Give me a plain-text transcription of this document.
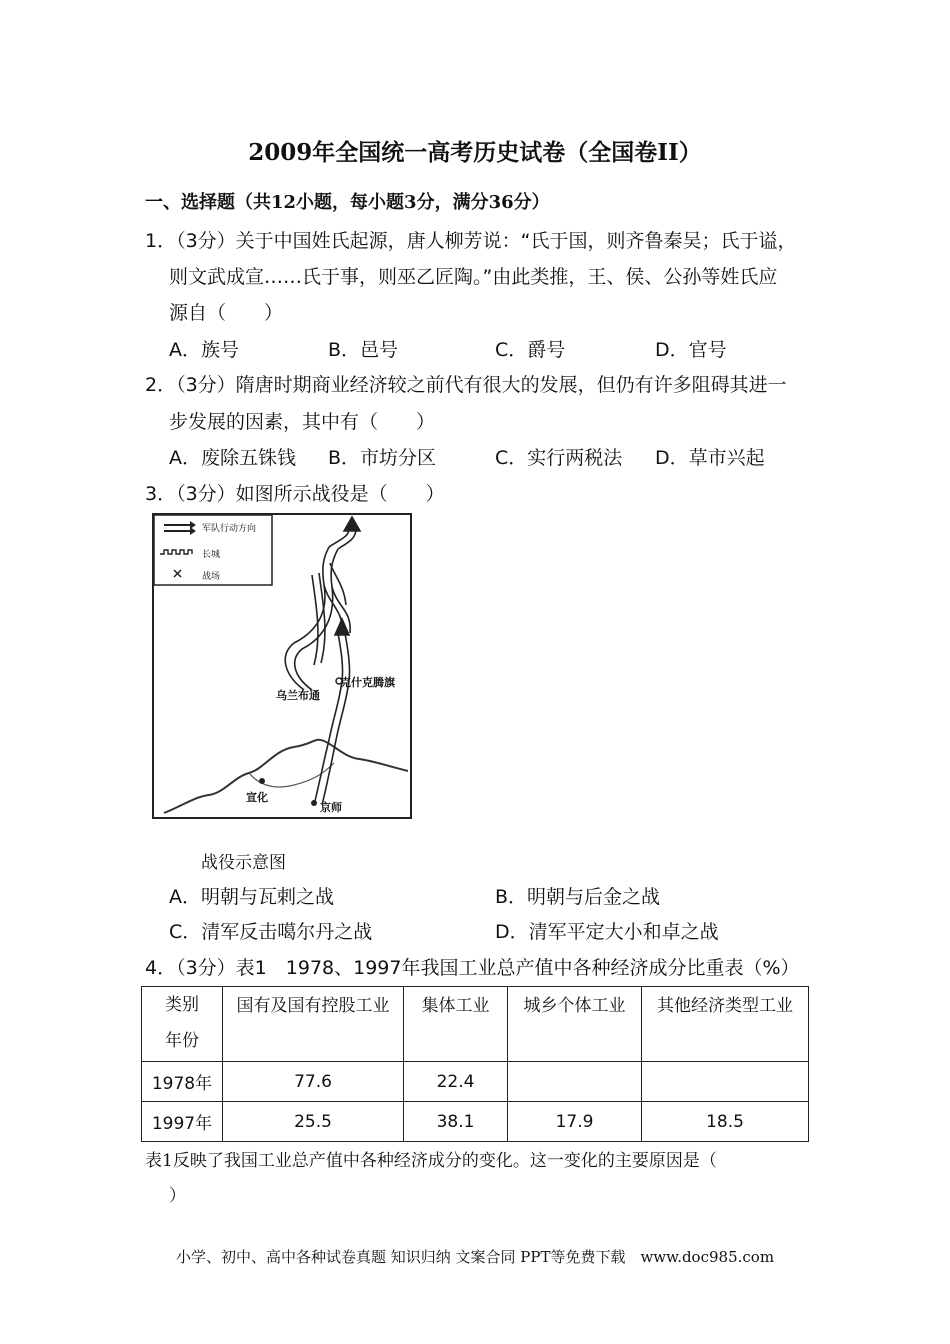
2009年全国统一高考历史试卷（全国卷II）
一、选择题（共12小题，每小题3分，满分36分）
1．（3分）关于中国姓氏起源，唐人柳芳说：“氏于国，则齐鲁秦吴；氏于谥，
则文武成宣……氏于事，则巫乙匠陶。”由此类推，王、侯、公孙等姓氏应
源自（　　）
A．族号	B．邑号	C．爵号	D．官号
2．（3分）隋唐时期商业经济较之前代有很大的发展，但仍有许多阻碍其进一
步发展的因素，其中有（　　）
A．废除五铢钱 B．市坊分区	C．实行两税法 D．草市兴起
3．（3分）如图所示战役是（　　）
军队行动方向
长城
战场
克什克腾旗
乌兰布通
宣化
京师
战役示意图
A．明朝与瓦剌之战	B．明朝与后金之战
C．清军反击噶尔丹之战	D．清军平定大小和卓之战
4．（3分）表1　1978、1997年我国工业总产值中各种经济成分比重表（%）
类别
年份	国有及国有控股工业	集体工业	城乡个体工业	其他经济类型工业
1978年	77.6	22.4		
1997年	25.5	38.1	17.9	18.5
表1反映了我国工业总产值中各种经济成分的变化。这一变化的主要原因是（
）
小学、初中、高中各种试卷真题 知识归纳 文案合同 PPT等免费下载　www.doc985.com
